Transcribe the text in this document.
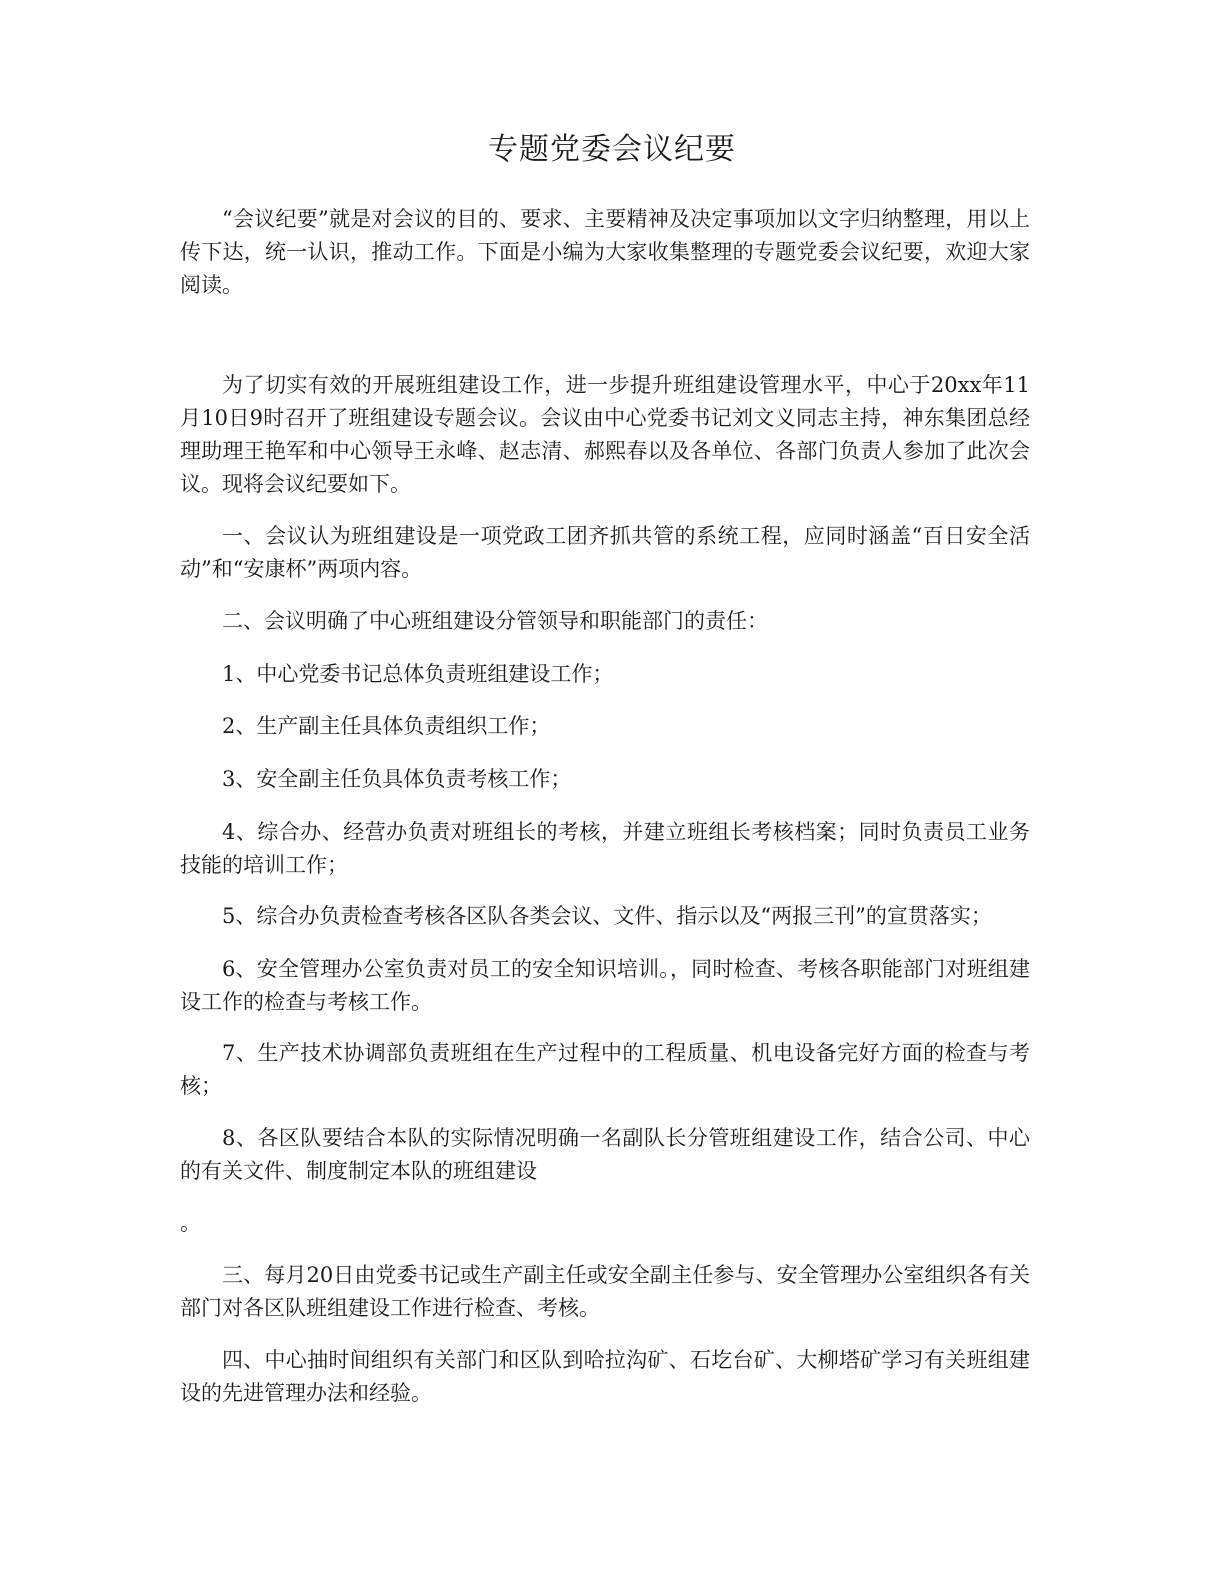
专题党委会议纪要

“会议纪要”就是对会议的目的、要求、主要精神及决定事项加以文字归纳整理，用以上传下达，统一认识，推动工作。下面是小编为大家收集整理的专题党委会议纪要，欢迎大家阅读。

为了切实有效的开展班组建设工作，进一步提升班组建设管理水平，中心于20xx年11月10日9时召开了班组建设专题会议。会议由中心党委书记刘文义同志主持，神东集团总经理助理王艳军和中心领导王永峰、赵志清、郝熙春以及各单位、各部门负责人参加了此次会议。现将会议纪要如下。

一、会议认为班组建设是一项党政工团齐抓共管的系统工程，应同时涵盖“百日安全活动”和“安康杯”两项内容。

二、会议明确了中心班组建设分管领导和职能部门的责任：

1、中心党委书记总体负责班组建设工作；

2、生产副主任具体负责组织工作；

3、安全副主任负具体负责考核工作；

4、综合办、经营办负责对班组长的考核，并建立班组长考核档案；同时负责员工业务技能的培训工作；

5、综合办负责检查考核各区队各类会议、文件、指示以及“两报三刊”的宣贯落实；

6、安全管理办公室负责对员工的安全知识培训。，同时检查、考核各职能部门对班组建设工作的检查与考核工作。

7、生产技术协调部负责班组在生产过程中的工程质量、机电设备完好方面的检查与考核；

8、各区队要结合本队的实际情况明确一名副队长分管班组建设工作，结合公司、中心的有关文件、制度制定本队的班组建设

。

三、每月20日由党委书记或生产副主任或安全副主任参与、安全管理办公室组织各有关部门对各区队班组建设工作进行检查、考核。

四、中心抽时间组织有关部门和区队到哈拉沟矿、石圪台矿、大柳塔矿学习有关班组建设的先进管理办法和经验。
